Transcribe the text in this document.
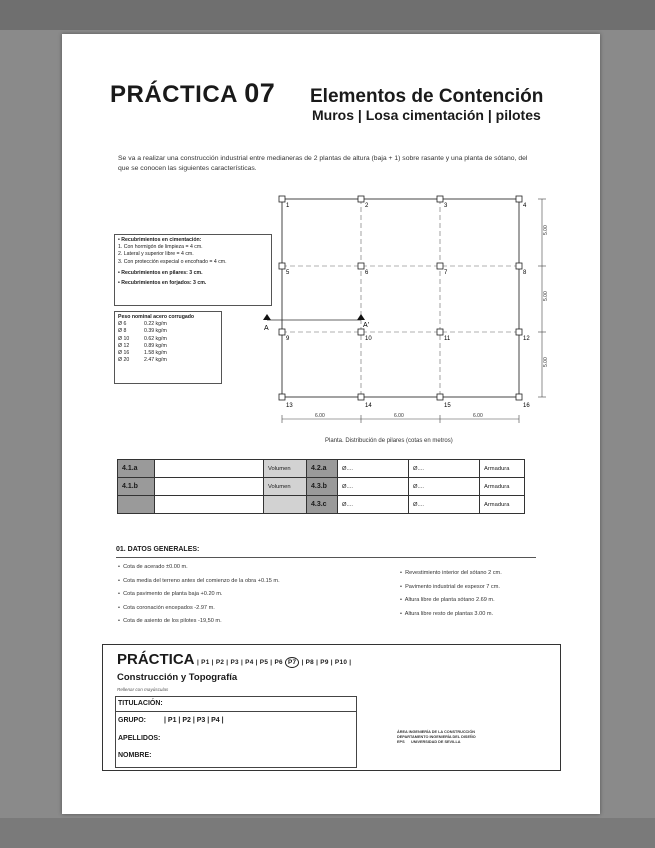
PRÁCTICA 07 Elementos de Contención
Muros | Losa cimentación | pilotes
Se va a realizar una construcción industrial entre medianeras de 2 plantas de altura (baja + 1) sobre rasante y una planta de sótano, del que se conocen las siguientes características.
• Recubrimientos en cimentación:
1. Con hormigón de limpieza = 4 cm.
2. Lateral y superior libre = 4 cm.
3. Con protección especial o encofrado = 4 cm.
• Recubrimientos en pilares: 3 cm.
• Recubrimientos en forjados: 3 cm.
Peso nominal acero corrugado
Ø 6	0.22 kg/m
Ø 8	0.39 kg/m
Ø 10	0.62 kg/m
Ø 12	0.89 kg/m
Ø 16	1.58 kg/m
Ø 20	2.47 kg/m
A	A'
1	2	3	4
5	6	7	8
9	10	11	12
13	14	15	16
6.00	6.00	6.00
5.00
5.00
5.00
Planta. Distribución de pilares (cotas en metros)
4.1.a		Volumen	4.2.a	Ø....	Ø....	Armadura
4.1.b		Volumen	4.3.b	Ø....	Ø....	Armadura
			4.3.c	Ø....	Ø....	Armadura
01. DATOS GENERALES:
•  Cota de acerado ±0.00 m.
•  Cota media del terreno antes del comienzo de la obra +0.15 m.
•  Cota pavimento de planta baja +0.20 m.
•  Cota coronación encepados -2.97 m.
•  Cota de asiento de los pilotes -19,50 m.
•  Revestimiento interior del sótano 2 cm.
•  Pavimento industrial de espesor 7 cm.
•  Altura libre de planta sótano 2.69 m.
•  Altura libre resto de plantas 3.00 m.
PRÁCTICA | P1 | P2 | P3 | P4 | P5 | P6 P7 | P8 | P9 | P10 |
Construcción y Topografía
Rellenar con mayúsculas
TITULACIÓN:
GRUPO:	| P1 | P2 | P3 | P4 |
APELLIDOS:
NOMBRE:
ÁREA INGENIERÍA DE LA CONSTRUCCIÓN
DEPARTAMENTO INGENIERÍA DEL DISEÑO
EPS UNIVERSIDAD DE SEVILLA
